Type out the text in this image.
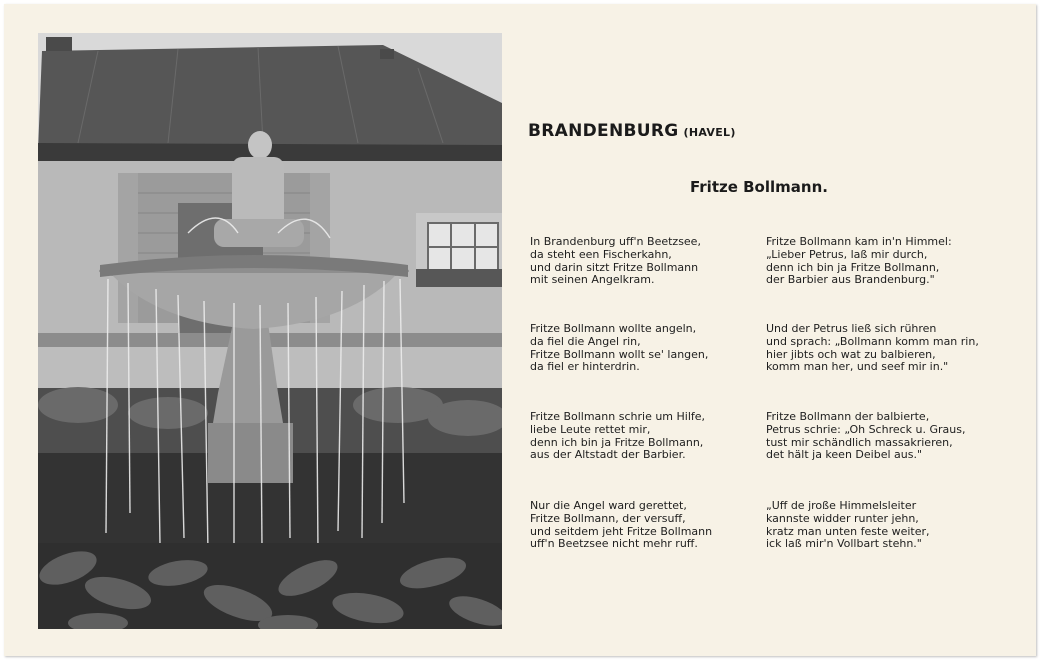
BRANDENBURG (HAVEL)
Fritze Bollmann.

In Brandenburg uff'n Beetzsee,
da steht een Fischerkahn,
und darin sitzt Fritze Bollmann
mit seinen Angelkram.

Fritze Bollmann wollte angeln,
da fiel die Angel rin,
Fritze Bollmann wollt se' langen,
da fiel er hinterdrin.

Fritze Bollmann schrie um Hilfe,
liebe Leute rettet mir,
denn ich bin ja Fritze Bollmann,
aus der Altstadt der Barbier.

Nur die Angel ward gerettet,
Fritze Bollmann, der versuff,
und seitdem jeht Fritze Bollmann
uff'n Beetzsee nicht mehr ruff.

Fritze Bollmann kam in'n Himmel:
„Lieber Petrus, laß mir durch,
denn ich bin ja Fritze Bollmann,
der Barbier aus Brandenburg."

Und der Petrus ließ sich rühren
und sprach: „Bollmann komm man rin,
hier jibts och wat zu balbieren,
komm man her, und seef mir in."

Fritze Bollmann der balbierte,
Petrus schrie: „Oh Schreck u. Graus,
tust mir schändlich massakrieren,
det hält ja keen Deibel aus."

„Uff de jroße Himmelsleiter
kannste widder runter jehn,
kratz man unten feste weiter,
ick laß mir'n Vollbart stehn."
